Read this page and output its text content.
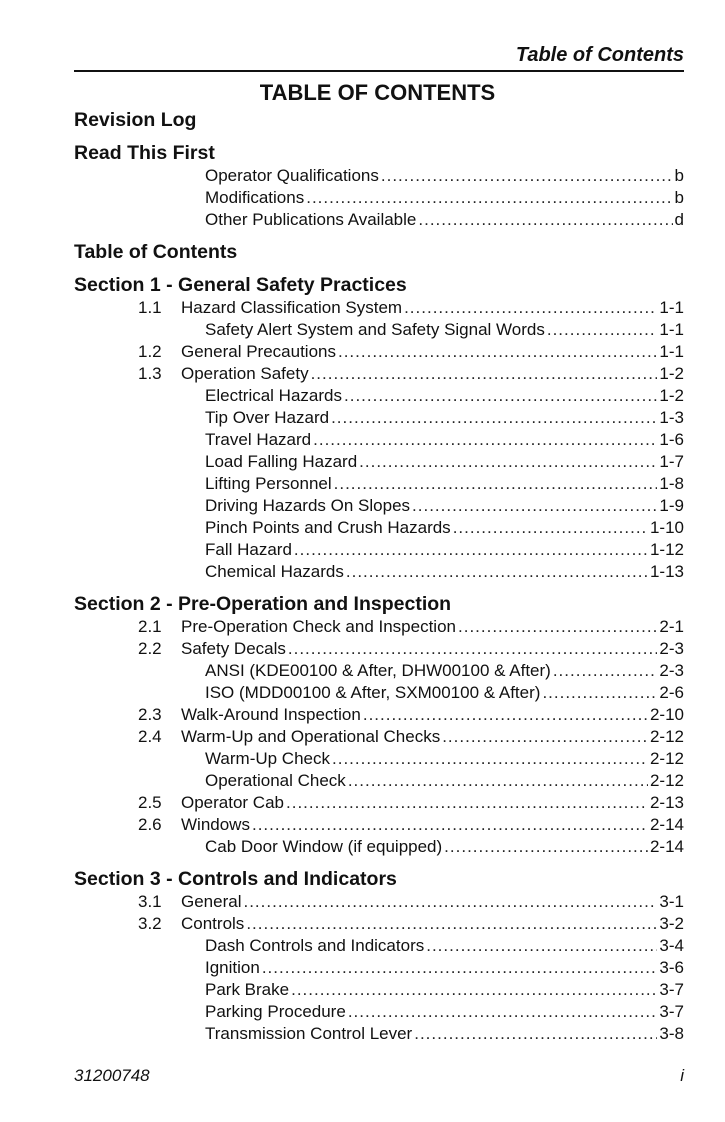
Table of Contents
TABLE OF CONTENTS
Revision Log
Read This First
Operator Qualifications .....	b
Modifications .....	b
Other Publications Available .....	d
Table of Contents
Section 1 - General Safety Practices
1.1	Hazard Classification System .....	1-1
Safety Alert System and Safety Signal Words .....	1-1
1.2	General Precautions .....	1-1
1.3	Operation Safety .....	1-2
Electrical Hazards .....	1-2
Tip Over Hazard .....	1-3
Travel Hazard .....	1-6
Load Falling Hazard .....	1-7
Lifting Personnel .....	1-8
Driving Hazards On Slopes .....	1-9
Pinch Points and Crush Hazards .....	1-10
Fall Hazard .....	1-12
Chemical Hazards .....	1-13
Section 2 - Pre-Operation and Inspection
2.1	Pre-Operation Check and Inspection .....	2-1
2.2	Safety Decals .....	2-3
ANSI (KDE00100 & After, DHW00100 & After) .....	2-3
ISO (MDD00100 & After, SXM00100 & After) .....	2-6
2.3	Walk-Around Inspection .....	2-10
2.4	Warm-Up and Operational Checks .....	2-12
Warm-Up Check .....	2-12
Operational Check .....	2-12
2.5	Operator Cab .....	2-13
2.6	Windows .....	2-14
Cab Door Window (if equipped) .....	2-14
Section 3 - Controls and Indicators
3.1	General .....	3-1
3.2	Controls .....	3-2
Dash Controls and Indicators .....	3-4
Ignition .....	3-6
Park Brake .....	3-7
Parking Procedure .....	3-7
Transmission Control Lever .....	3-8
31200748	i
